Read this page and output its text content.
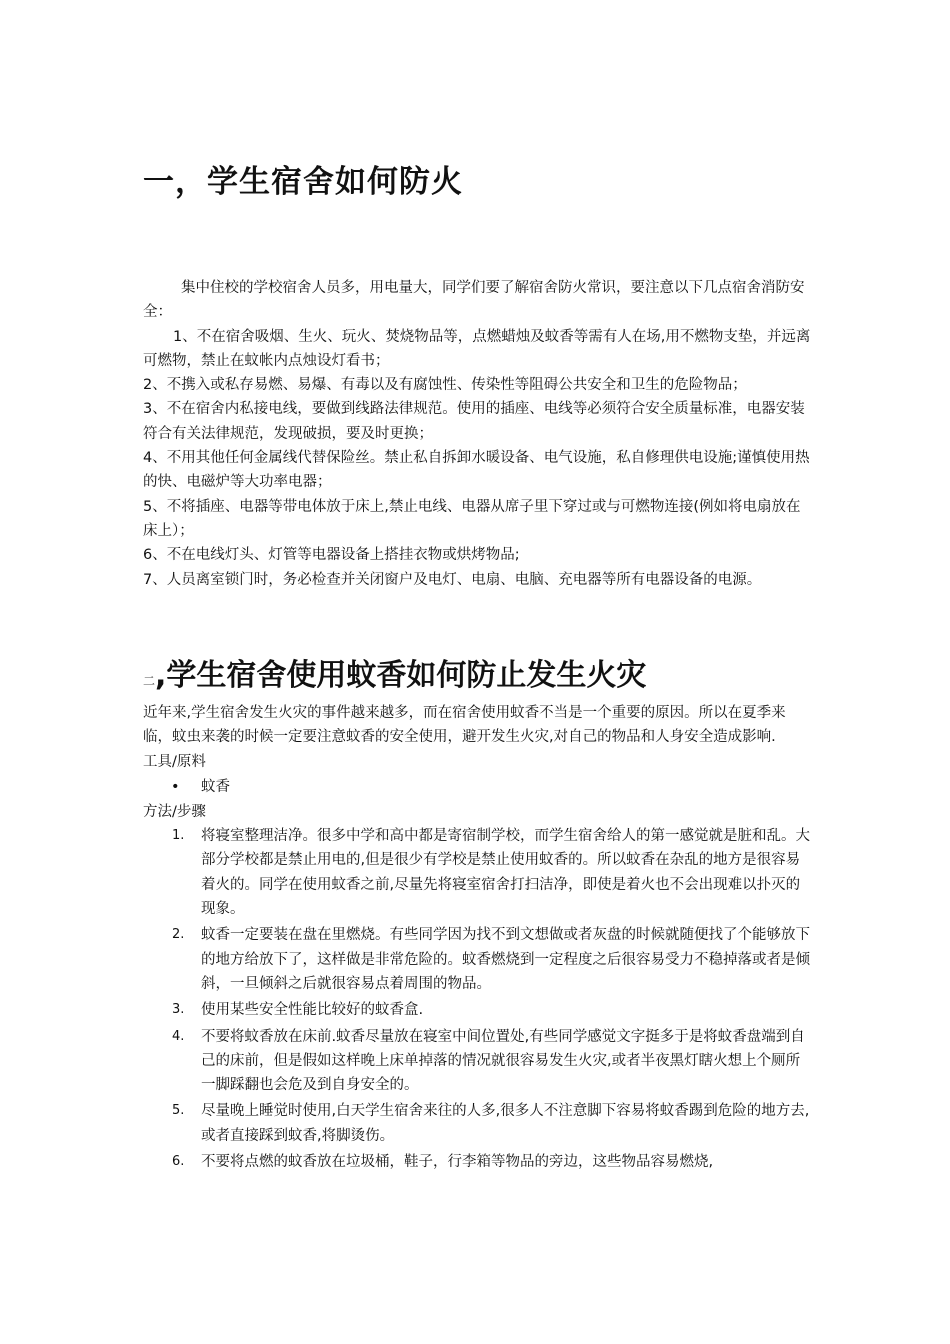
一，学生宿舍如何防火

集中住校的学校宿舍人员多，用电量大，同学们要了解宿舍防火常识，要注意以下几点宿舍消防安全：

1、不在宿舍吸烟、生火、玩火、焚烧物品等，点燃蜡烛及蚊香等需有人在场,用不燃物支垫，并远离可燃物，禁止在蚊帐内点烛设灯看书；

2、不携入或私存易燃、易爆、有毒以及有腐蚀性、传染性等阻碍公共安全和卫生的危险物品；

3、不在宿舍内私接电线，要做到线路法律规范。使用的插座、电线等必须符合安全质量标准，电器安装符合有关法律规范，发现破损，要及时更换；

4、不用其他任何金属线代替保险丝。禁止私自拆卸水暖设备、电气设施，私自修理供电设施;谨慎使用热的快、电磁炉等大功率电器；

5、不将插座、电器等带电体放于床上,禁止电线、电器从席子里下穿过或与可燃物连接(例如将电扇放在床上）；

6、不在电线灯头、灯管等电器设备上搭挂衣物或烘烤物品;

7、人员离室锁门时，务必检查并关闭窗户及电灯、电扇、电脑、充电器等所有电器设备的电源。

二,学生宿舍使用蚊香如何防止发生火灾

近年来,学生宿舍发生火灾的事件越来越多，而在宿舍使用蚊香不当是一个重要的原因。所以在夏季来临，蚊虫来袭的时候一定要注意蚊香的安全使用，避开发生火灾,对自己的物品和人身安全造成影响.

工具/原料

• 蚊香

方法/步骤

1. 将寝室整理洁净。很多中学和高中都是寄宿制学校，而学生宿舍给人的第一感觉就是脏和乱。大部分学校都是禁止用电的,但是很少有学校是禁止使用蚊香的。所以蚊香在杂乱的地方是很容易着火的。同学在使用蚊香之前,尽量先将寝室宿舍打扫洁净，即使是着火也不会出现难以扑灭的现象。
2. 蚊香一定要装在盘在里燃烧。有些同学因为找不到文想做或者灰盘的时候就随便找了个能够放下的地方给放下了，这样做是非常危险的。蚊香燃烧到一定程度之后很容易受力不稳掉落或者是倾斜，一旦倾斜之后就很容易点着周围的物品。
3. 使用某些安全性能比较好的蚊香盒.
4. 不要将蚊香放在床前.蚊香尽量放在寝室中间位置处,有些同学感觉文字挺多于是将蚊香盘端到自己的床前，但是假如这样晚上床单掉落的情况就很容易发生火灾,或者半夜黑灯瞎火想上个厕所一脚踩翻也会危及到自身安全的。
5. 尽量晚上睡觉时使用,白天学生宿舍来往的人多,很多人不注意脚下容易将蚊香踢到危险的地方去,或者直接踩到蚊香,将脚烫伤。
6. 不要将点燃的蚊香放在垃圾桶，鞋子，行李箱等物品的旁边，这些物品容易燃烧,
